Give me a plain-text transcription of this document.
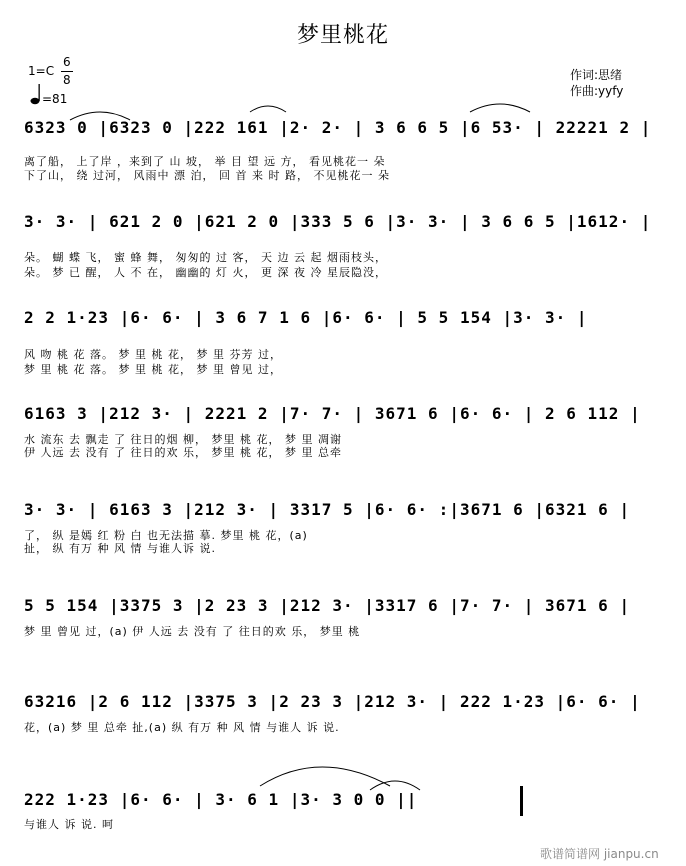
梦里桃花
1=C
6
8
=81
作词:思绪
作曲:yyfy
6323 0 |6323 0 |222 161 |2· 2· | 3 6 6 5 |6 53· | 22221 2 |
离了船， 上了岸 ，来到了 山 坡， 举 目 望 远 方， 看见桃花一 朵
下了山， 绕 过河， 风雨中 漂 泊， 回 首 来 时 路， 不见桃花一 朵
3· 3· | 621 2 0 |621 2 0 |333 5 6 |3· 3· | 3 6 6 5 |1612· |
朵。 蝴 蝶 飞， 蜜 蜂 舞， 匆匆的 过 客， 天 边 云 起 烟雨枝头，
朵。 梦 已 醒， 人 不 在， 幽幽的 灯 火， 更 深 夜 冷 星辰隐没，
2 2 1·23 |6· 6· | 3 6 7 1 6 |6· 6· | 5 5 154 |3· 3· |
风 吻 桃 花 落。 梦 里 桃 花， 梦 里 芬芳 过，
梦 里 桃 花 落。 梦 里 桃 花， 梦 里 曾见 过，
6163 3 |212 3· | 2221 2 |7· 7· | 3671 6 |6· 6· | 2 6 112 |
水 流东 去 飘走 了 往日的烟 柳， 梦里 桃 花， 梦 里 凋谢
伊 人远 去 没有 了 往日的欢 乐， 梦里 桃 花， 梦 里 总牵
3· 3· | 6163 3 |212 3· | 3317 5 |6· 6· :|3671 6 |6321 6 |
了， 纵 是嫣 红 粉 白 也无法描 摹. 梦里 桃 花，(a)
扯， 纵 有万 种 风 情 与谁人诉 说.
5 5 154 |3375 3 |2 23 3 |212 3· |3317 6 |7· 7· | 3671 6 |
梦 里 曾见 过，(a) 伊 人远 去 没有 了 往日的欢 乐， 梦里 桃
63216 |2 6 112 |3375 3 |2 23 3 |212 3· | 222 1·23 |6· 6· |
花，(a) 梦 里 总牵 扯,(a) 纵 有万 种 风 情 与谁人 诉 说.
222 1·23 |6· 6· | 3· 6 1 |3· 3 0 0 ||
与谁人 诉 说. 呵
歌谱简谱网 jianpu.cn
